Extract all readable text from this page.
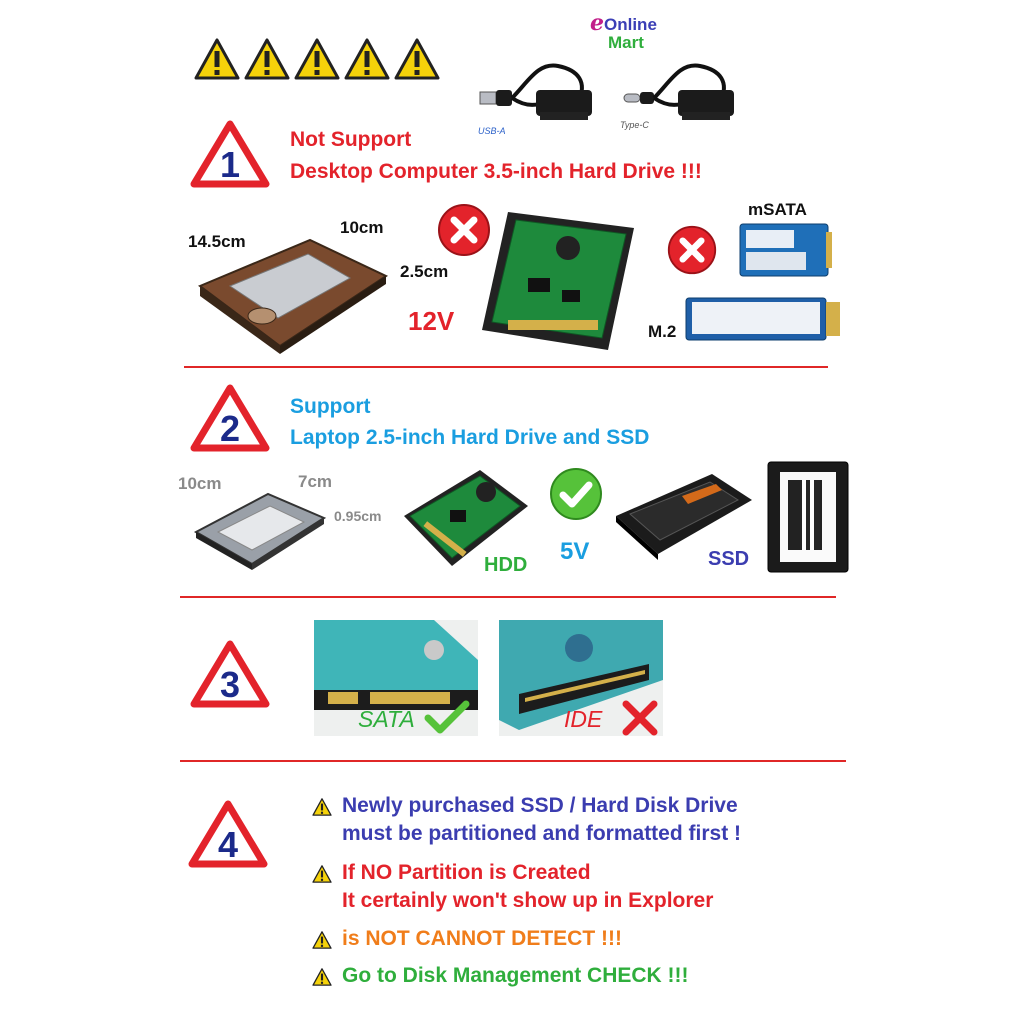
eOnline
Mart
USB-A
Type-C
1
Not Support
Desktop Computer 3.5-inch Hard Drive !!!
14.5cm
10cm
2.5cm
12V
mSATA
M.2
2
Support
Laptop 2.5-inch Hard Drive and SSD
10cm	7cm
0.95cm
HDD 5V	SSD
3
SATA	IDE
4
Newly purchased SSD / Hard Disk Drive
must be partitioned and formatted first !
If NO Partition is Created
It certainly won't show up in Explorer
is NOT CANNOT DETECT !!!
Go to Disk Management CHECK !!!
